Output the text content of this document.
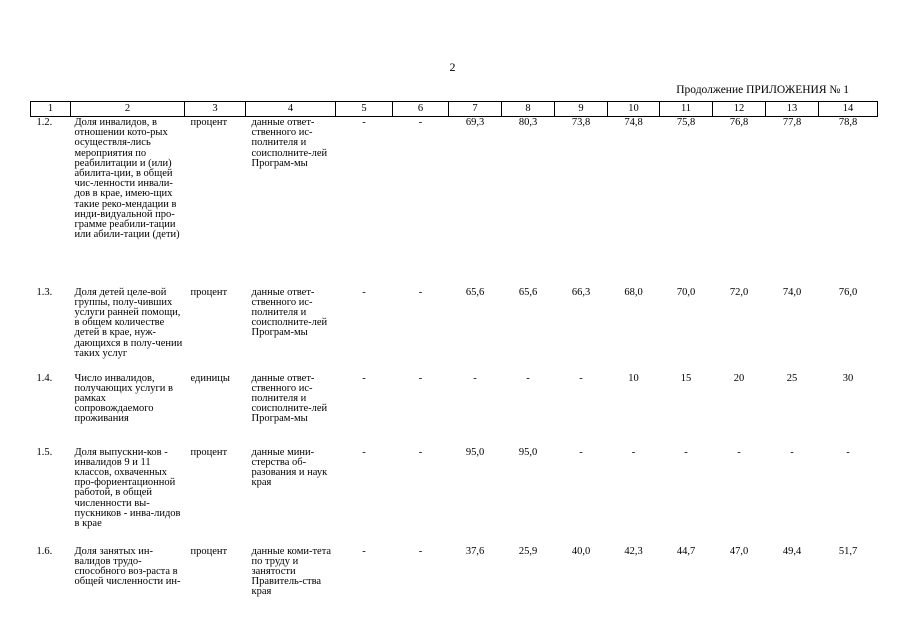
2
Продолжение ПРИЛОЖЕНИЯ № 1
1	2	3	4	5	6	7	8	9	10	11	12	13	14
1.2.	Доля инвалидов, в отношении кото-рых осуществля-лись мероприятия по реабилитации и (или) абилита-ции, в общей чис-ленности инвали-дов в крае, имею-щих такие реко-мендации в инди-видуальной про-грамме реабили-тации или абили-тации (дети)	процент	данные ответ-ственного ис-полнителя и соисполните-лей Програм-мы	-	-	69,3	80,3	73,8	74,8	75,8	76,8	77,8	78,8
1.3.	Доля детей целе-вой группы, полу-чивших услуги ранней помощи, в общем количестве детей в крае, нуж-дающихся в полу-чении таких услуг	процент	данные ответ-ственного ис-полнителя и соисполните-лей Програм-мы	-	-	65,6	65,6	66,3	68,0	70,0	72,0	74,0	76,0
1.4.	Число инвалидов, получающих услуги в рамках сопровождаемого проживания	единицы	данные ответ-ственного ис-полнителя и соисполните-лей Програм-мы	-	-	-	-	-	10	15	20	25	30
1.5.	Доля выпускни-ков - инвалидов 9 и 11 классов, охваченных про-фориентационной работой, в общей численности вы-пускников - инва-лидов в крае	процент	данные мини-стерства об-разования и наук края	-	-	95,0	95,0	-	-	-	-	-	-
1.6.	Доля занятых ин-валидов трудо-способного воз-раста в общей численности ин-	процент	данные коми-тета по труду и занятости Правитель-ства края	-	-	37,6	25,9	40,0	42,3	44,7	47,0	49,4	51,7
